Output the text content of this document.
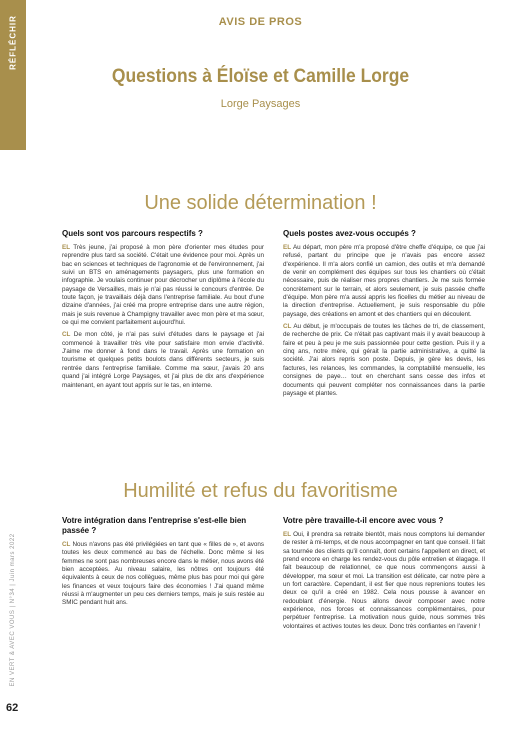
RÉFLÉCHIR
EN VERT & AVEC VOUS | N°34 | Juin mars 2022
62
AVIS DE PROS
Questions à Éloïse et Camille Lorge
Lorge Paysages
Une solide détermination !
Quels sont vos parcours respectifs ?

EL Très jeune, j'ai proposé à mon père d'orienter mes études pour reprendre plus tard sa société. C'était une évidence pour moi. Après un bac en sciences et techniques de l'agronomie et de l'environnement, j'ai suivi un BTS en aménagements paysagers, plus une formation en infographie. Je voulais continuer pour décrocher un diplôme à l'école du paysage de Versailles, mais je n'ai pas réussi le concours d'entrée. De toute façon, je travaillais déjà dans l'entreprise familiale. Au bout d'une dizaine d'années, j'ai créé ma propre entreprise dans une autre région, mais je suis revenue à Champigny travailler avec mon père et ma sœur, ce qui me convient parfaitement aujourd'hui.

CL De mon côté, je n'ai pas suivi d'études dans le paysage et j'ai commencé à travailler très vite pour satisfaire mon envie d'activité. J'aime me donner à fond dans le travail. Après une formation en tourisme et quelques petits boulots dans différents secteurs, je suis rentrée dans l'entreprise familiale. Comme ma sœur, j'avais 20 ans quand j'ai intégré Lorge Paysages, et j'ai plus de dix ans d'expérience maintenant, en ayant tout appris sur le tas, en interne.

Quels postes avez-vous occupés ?

EL Au départ, mon père m'a proposé d'être cheffe d'équipe, ce que j'ai refusé, partant du principe que je n'avais pas encore assez d'expérience. Il m'a alors confié un camion, des outils et m'a demandé de venir en complément des équipes sur tous les chantiers où c'était nécessaire, puis de réaliser mes propres chantiers. Je me suis formée concrètement sur le terrain, et alors seulement, je suis passée cheffe d'équipe. Mon père m'a aussi appris les ficelles du métier au niveau de la direction d'entreprise. Actuellement, je suis responsable du pôle paysage, des créations en amont et des chantiers qui en découlent.

CL Au début, je m'occupais de toutes les tâches de tri, de classement, de recherche de prix. Ce n'était pas captivant mais il y avait beaucoup à faire et peu à peu je me suis passionnée pour cette gestion. Puis il y a cinq ans, notre mère, qui gérait la partie administrative, a quitté la société. J'ai alors repris son poste. Depuis, je gère les devis, les factures, les relances, les commandes, la comptabilité mensuelle, les consignes de paye… tout en cherchant sans cesse des infos et documents qui peuvent compléter nos connaissances dans la partie paysage et plantes.

Humilité et refus du favoritisme
Votre intégration dans l'entreprise s'est-elle bien passée ?

CL Nous n'avons pas été privilégiées en tant que « filles de », et avons toutes les deux commencé au bas de l'échelle. Donc même si les femmes ne sont pas nombreuses encore dans le métier, nous avons été bien acceptées. Au niveau salaire, les nôtres ont toujours été équivalents à ceux de nos collègues, même plus bas pour moi qui gère les finances et veux toujours faire des économies ! J'ai quand même réussi à m'augmenter un peu ces derniers temps, mais je suis restée au SMIC pendant huit ans.

Votre père travaille-t-il encore avec vous ?

EL Oui, il prendra sa retraite bientôt, mais nous comptons lui demander de rester à mi-temps, et de nous accompagner en tant que conseil. Il fait sa tournée des clients qu'il connaît, dont certains l'appellent en direct, et prend encore en charge les rendez-vous du pôle entretien et élagage. Il fait beaucoup de relationnel, ce que nous commençons aussi à développer, ma sœur et moi. La transition est délicate, car notre père a un fort caractère. Cependant, il est fier que nous reprenions toutes les deux ce qu'il a créé en 1982. Cela nous pousse à avancer en redoublant d'énergie. Nous allons devoir composer avec notre expérience, nos forces et connaissances complémentaires, pour perpétuer l'entreprise. La motivation nous guide, nous sommes très volontaires et actives toutes les deux. Donc très confiantes en l'avenir !
